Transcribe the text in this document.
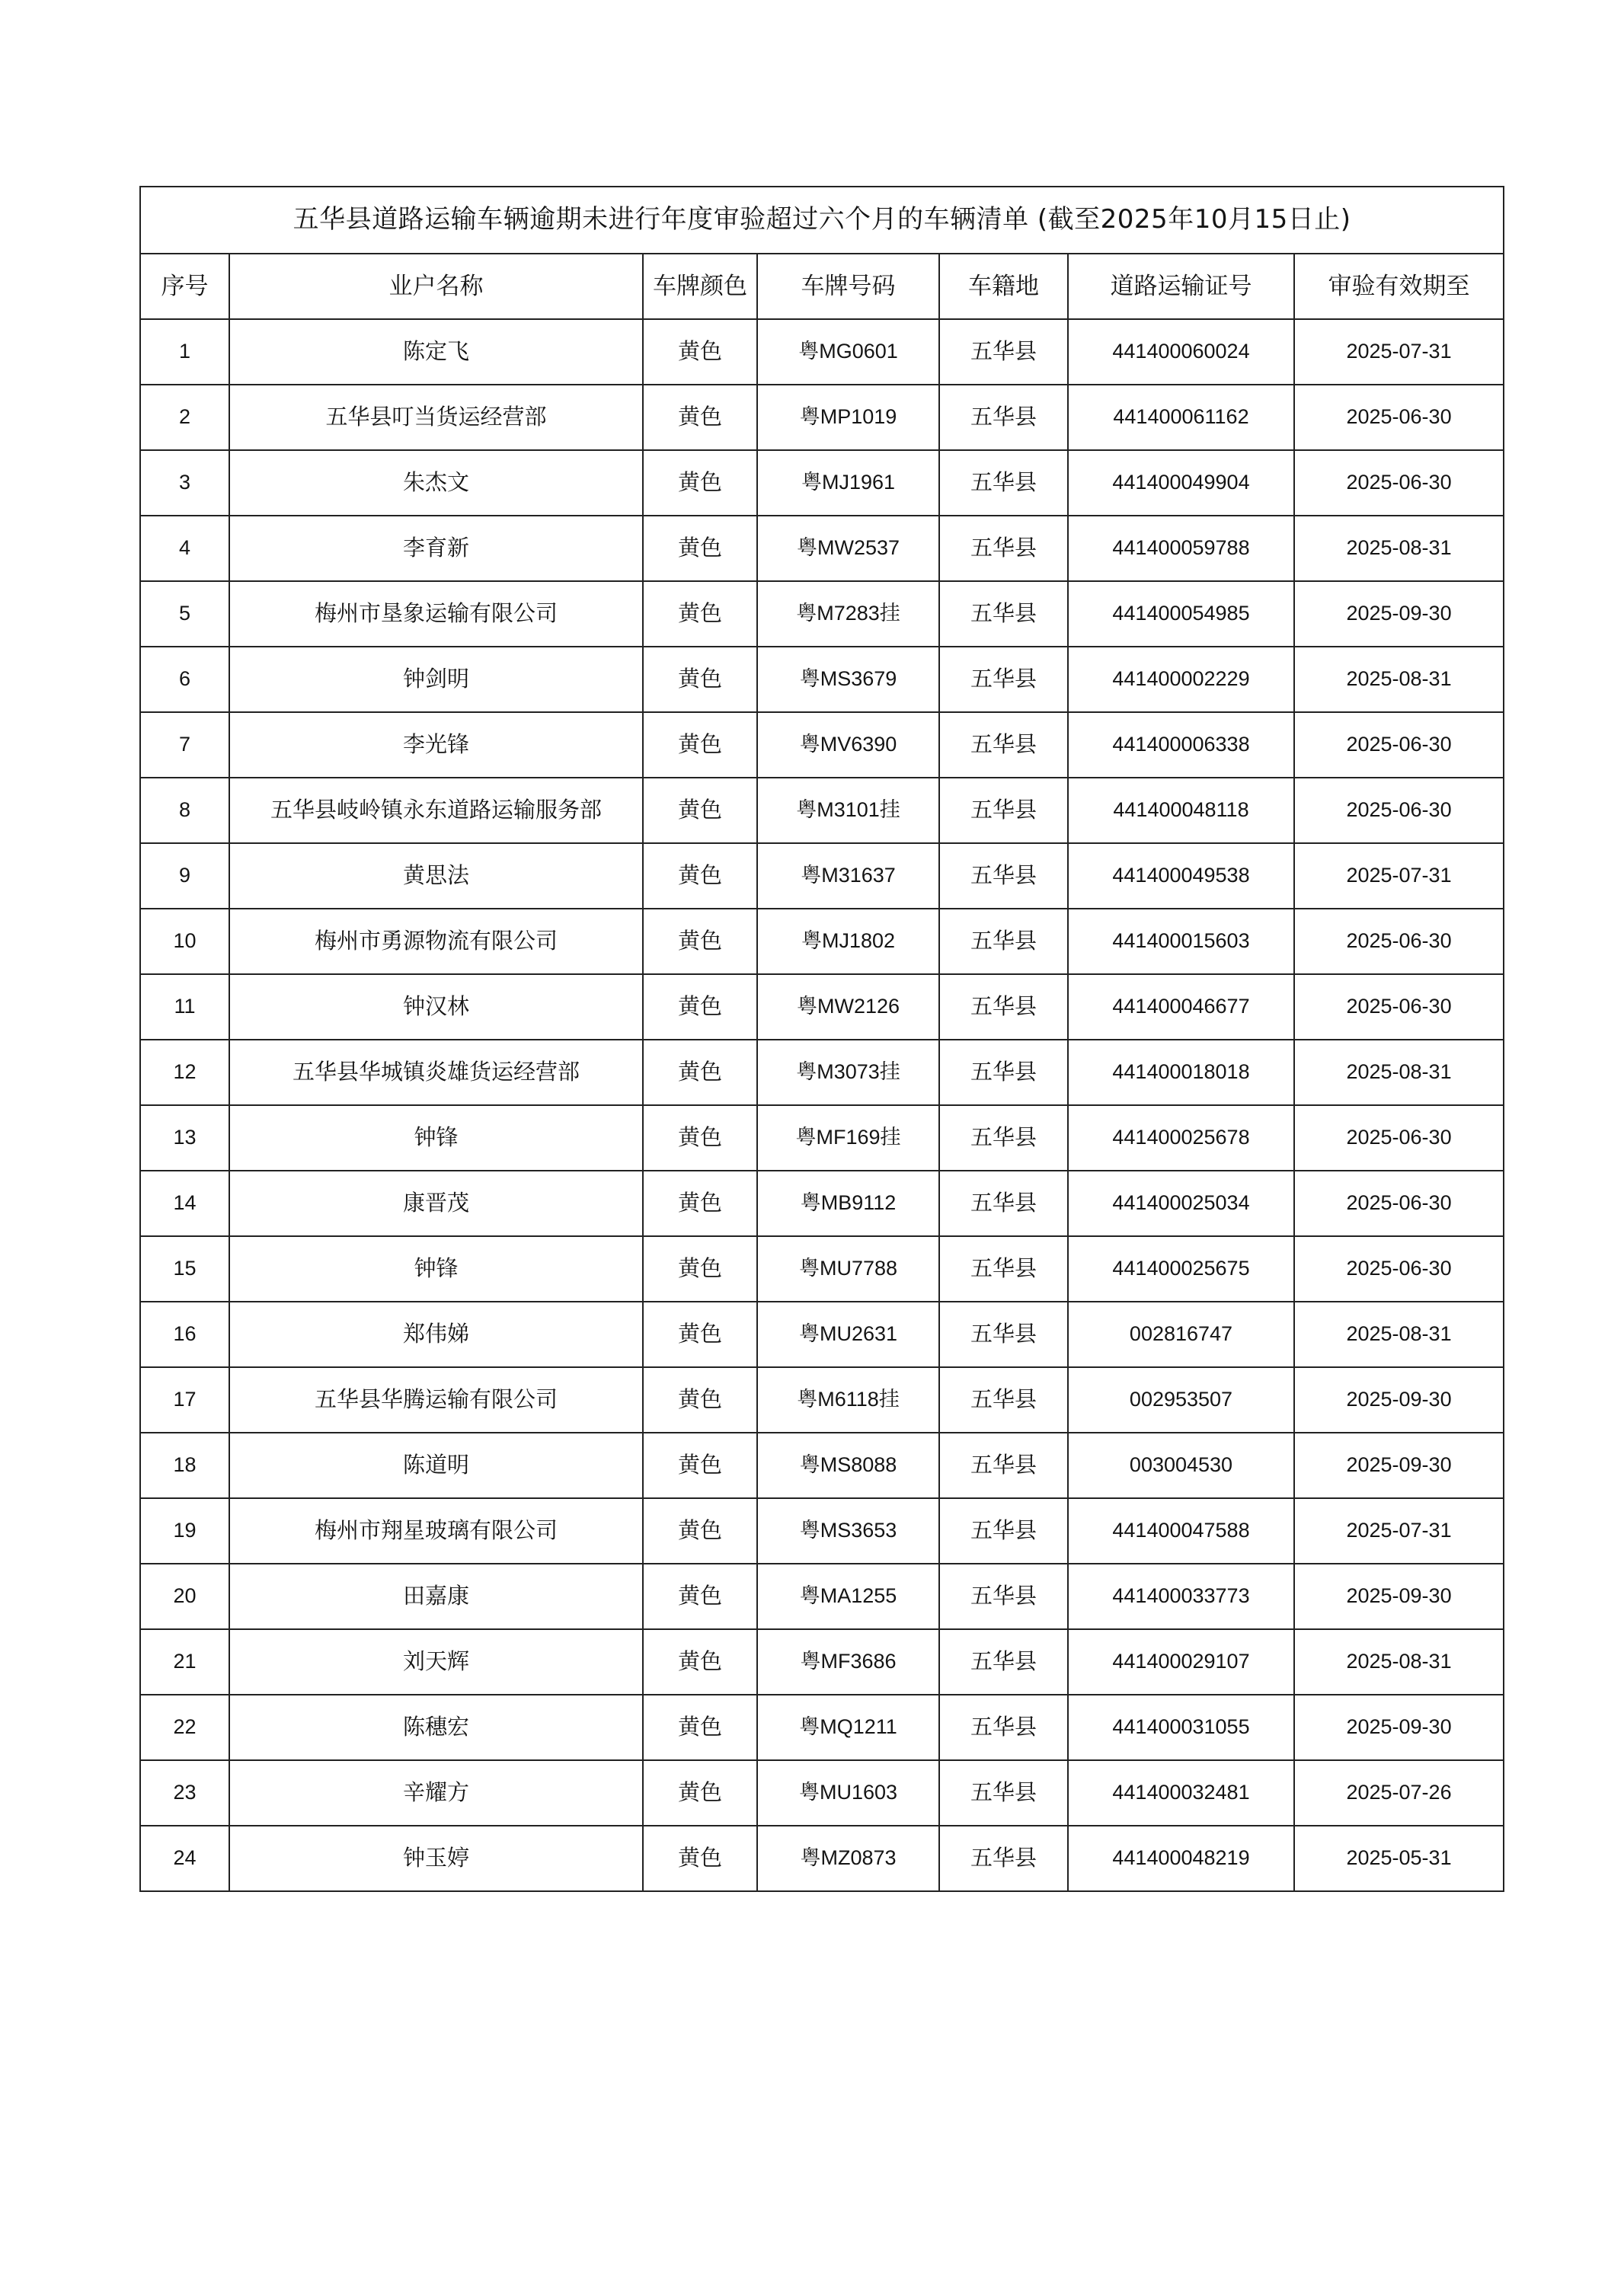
五华县道路运输车辆逾期未进行年度审验超过六个月的车辆清单 (截至2025年10月15日止)						
序号	业户名称	车牌颜色	车牌号码	车籍地	道路运输证号	审验有效期至
1	陈定飞	黄色	粤MG0601	五华县	441400060024	2025-07-31
2	五华县叮当货运经营部	黄色	粤MP1019	五华县	441400061162	2025-06-30
3	朱杰文	黄色	粤MJ1961	五华县	441400049904	2025-06-30
4	李育新	黄色	粤MW2537	五华县	441400059788	2025-08-31
5	梅州市垦象运输有限公司	黄色	粤M7283挂	五华县	441400054985	2025-09-30
6	钟剑明	黄色	粤MS3679	五华县	441400002229	2025-08-31
7	李光锋	黄色	粤MV6390	五华县	441400006338	2025-06-30
8	五华县岐岭镇永东道路运输服务部	黄色	粤M3101挂	五华县	441400048118	2025-06-30
9	黄思法	黄色	粤M31637	五华县	441400049538	2025-07-31
10	梅州市勇源物流有限公司	黄色	粤MJ1802	五华县	441400015603	2025-06-30
11	钟汉林	黄色	粤MW2126	五华县	441400046677	2025-06-30
12	五华县华城镇炎雄货运经营部	黄色	粤M3073挂	五华县	441400018018	2025-08-31
13	钟锋	黄色	粤MF169挂	五华县	441400025678	2025-06-30
14	康晋茂	黄色	粤MB9112	五华县	441400025034	2025-06-30
15	钟锋	黄色	粤MU7788	五华县	441400025675	2025-06-30
16	郑伟娣	黄色	粤MU2631	五华县	002816747	2025-08-31
17	五华县华腾运输有限公司	黄色	粤M6118挂	五华县	002953507	2025-09-30
18	陈道明	黄色	粤MS8088	五华县	003004530	2025-09-30
19	梅州市翔星玻璃有限公司	黄色	粤MS3653	五华县	441400047588	2025-07-31
20	田嘉康	黄色	粤MA1255	五华县	441400033773	2025-09-30
21	刘天辉	黄色	粤MF3686	五华县	441400029107	2025-08-31
22	陈穗宏	黄色	粤MQ1211	五华县	441400031055	2025-09-30
23	辛耀方	黄色	粤MU1603	五华县	441400032481	2025-07-26
24	钟玉婷	黄色	粤MZ0873	五华县	441400048219	2025-05-31
